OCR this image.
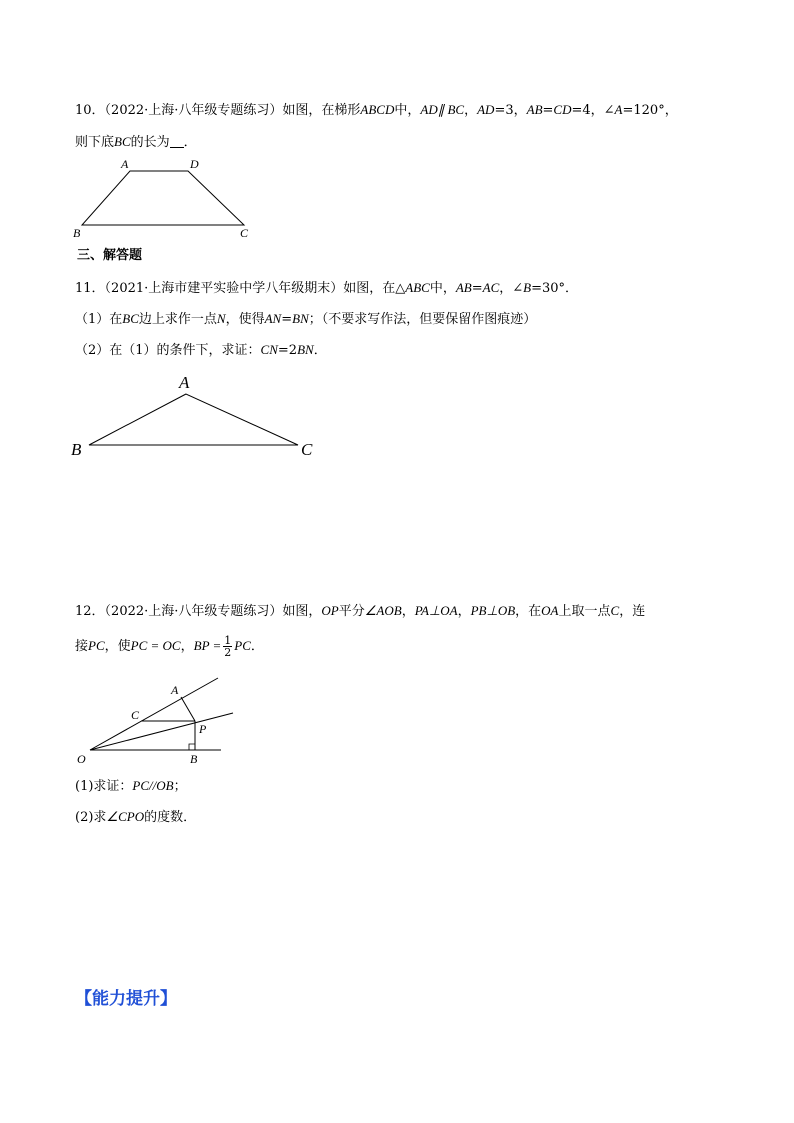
10．（2022·上海·八年级专题练习）如图，在梯形ABCD中，AD∥ BC，AD=3，AB=CD=4，∠A=120°，
则下底BC的长为 ．
A	D
B	C
A
B	C
A
C
P
O	B
三、解答题
11．（2021·上海市建平实验中学八年级期末）如图，在△ABC中，AB=AC，∠B=30°．
（1）在BC边上求作一点N，使得AN=BN；（不要求写作法，但要保留作图痕迹）
（2）在（1）的条件下，求证：CN=2BN．
12．（2022·上海·八年级专题练习）如图，OP平分∠AOB，PA⊥OA，PB⊥OB，在OA上取一点C，连
接PC，使PC = OC，BP = $\frac{1}{2}$ PC．
(1)求证：PC//OB；
(2)求∠CPO的度数．
【能力提升】
